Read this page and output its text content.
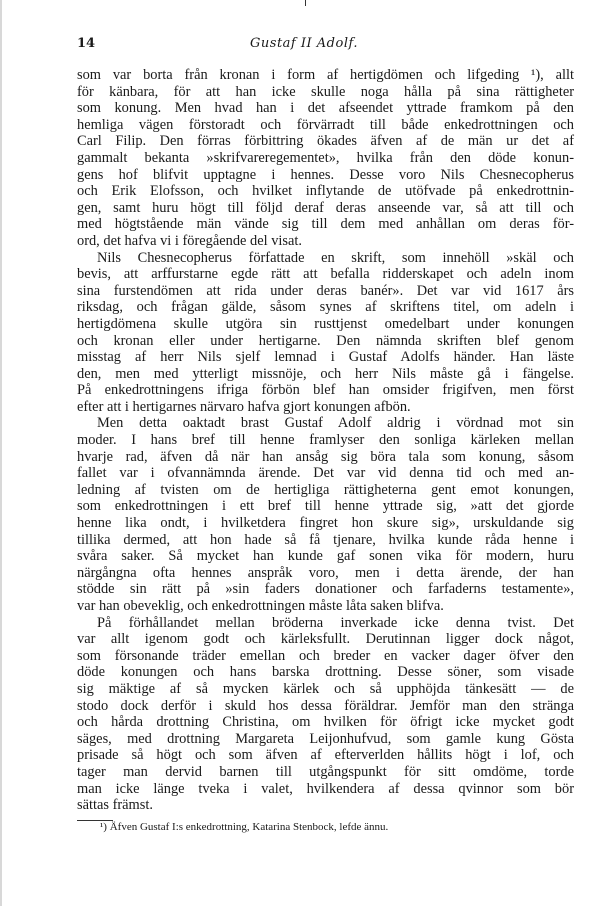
14	Gustaf II Adolf.
som var borta från kronan i form af hertigdömen och lifgeding ¹), allt
för känbara, för att han icke skulle noga hålla på sina rättigheter
som konung. Men hvad han i det afseendet yttrade framkom på den
hemliga vägen förstoradt och förvärradt till både enkedrottningen och
Carl Filip. Den förras förbittring ökades äfven af de män ur det af
gammalt bekanta »skrifvareregementet», hvilka från den döde konun-
gens hof blifvit upptagne i hennes. Desse voro Nils Chesnecopherus
och Erik Elofsson, och hvilket inflytande de utöfvade på enkedrottnin-
gen, samt huru högt till följd deraf deras anseende var, så att till och
med högtstående män vände sig till dem med anhållan om deras för-
ord, det hafva vi i föregående del visat.
Nils Chesnecopherus författade en skrift, som innehöll »skäl och
bevis, att arffurstarne egde rätt att befalla ridderskapet och adeln inom
sina furstendömen att rida under deras banér». Det var vid 1617 års
riksdag, och frågan gälde, såsom synes af skriftens titel, om adeln i
hertigdömena skulle utgöra sin rusttjenst omedelbart under konungen
och kronan eller under hertigarne. Den nämnda skriften blef genom
misstag af herr Nils sjelf lemnad i Gustaf Adolfs händer. Han läste
den, men med ytterligt missnöje, och herr Nils måste gå i fängelse.
På enkedrottningens ifriga förbön blef han omsider frigifven, men först
efter att i hertigarnes närvaro hafva gjort konungen afbön.
Men detta oaktadt brast Gustaf Adolf aldrig i vördnad mot sin
moder. I hans bref till henne framlyser den sonliga kärleken mellan
hvarje rad, äfven då när han ansåg sig böra tala som konung, såsom
fallet var i ofvannämnda ärende. Det var vid denna tid och med an-
ledning af tvisten om de hertigliga rättigheterna gent emot konungen,
som enkedrottningen i ett bref till henne yttrade sig, »att det gjorde
henne lika ondt, i hvilketdera fingret hon skure sig», urskuldande sig
tillika dermed, att hon hade så få tjenare, hvilka kunde råda henne i
svåra saker. Så mycket han kunde gaf sonen vika för modern, huru
närgångna ofta hennes anspråk voro, men i detta ärende, der han
stödde sin rätt på »sin faders donationer och farfaderns testamente»,
var han obeveklig, och enkedrottningen måste låta saken blifva.
På förhållandet mellan bröderna inverkade icke denna tvist. Det
var allt igenom godt och kärleksfullt. Derutinnan ligger dock något,
som försonande träder emellan och breder en vacker dager öfver den
döde konungen och hans barska drottning. Desse söner, som visade
sig mäktige af så mycken kärlek och så upphöjda tänkesätt — de
stodo dock derför i skuld hos dessa föräldrar. Jemför man den stränga
och hårda drottning Christina, om hvilken för öfrigt icke mycket godt
säges, med drottning Margareta Leijonhufvud, som gamle kung Gösta
prisade så högt och som äfven af efterverlden hållits högt i lof, och
tager man dervid barnen till utgångspunkt för sitt omdöme, torde
man icke länge tveka i valet, hvilkendera af dessa qvinnor som bör
sättas främst.
¹) Äfven Gustaf I:s enkedrottning, Katarina Stenbock, lefde ännu.
